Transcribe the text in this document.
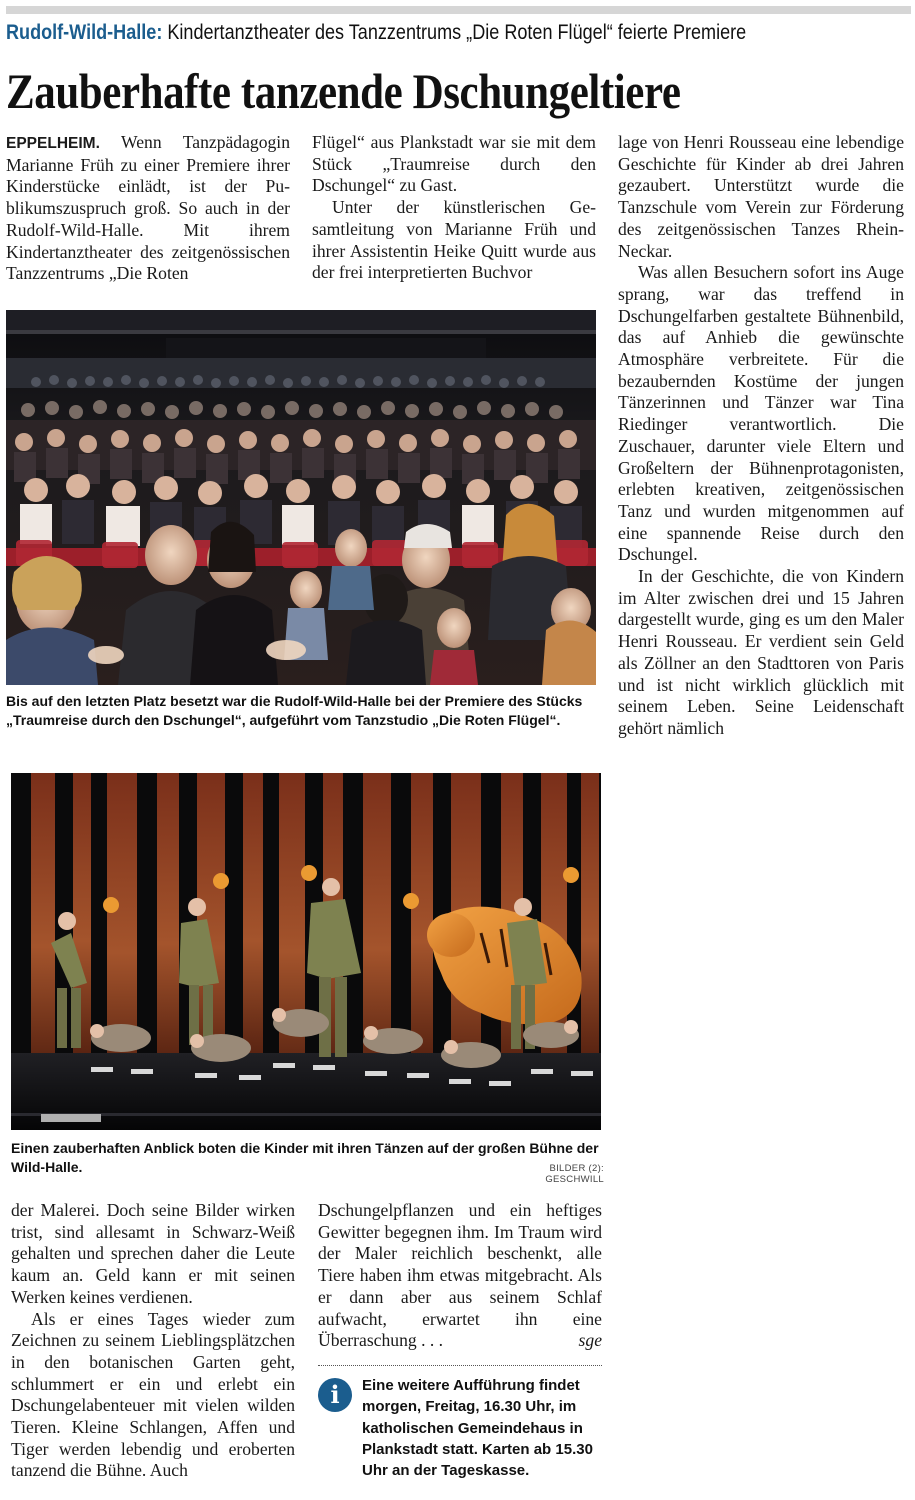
Rudolf-Wild-Halle: Kindertanztheater des Tanzzentrums „Die Roten Flügel“ feierte Premiere
Zauberhafte tanzende Dschungeltiere

EPPELHEIM. Wenn Tanzpädagogin Marianne Früh zu einer Premiere ihrer Kinderstücke einlädt, ist der Publikumszuspruch groß. So auch in der Rudolf-Wild-Halle. Mit ihrem Kindertanztheater des zeitgenössischen Tanzzentrums „Die Roten

Flügel“ aus Plankstadt war sie mit dem Stück „Traumreise durch den Dschungel“ zu Gast.

Unter der künstlerischen Gesamtleitung von Marianne Früh und ihrer Assistentin Heike Quitt wurde aus der frei interpretierten Buchvor

lage von Henri Rousseau eine lebendige Geschichte für Kinder ab drei Jahren gezaubert. Unterstützt wurde die Tanzschule vom Verein zur Förderung des zeitgenössischen Tanzes Rhein-Neckar.

Was allen Besuchern sofort ins Auge sprang, war das treffend in Dschungelfarben gestaltete Bühnenbild, das auf Anhieb die gewünschte Atmosphäre verbreitete. Für die bezaubernden Kostüme der jungen Tänzerinnen und Tänzer war Tina Riedinger verantwortlich. Die Zuschauer, darunter viele Eltern und Großeltern der Bühnenprotagonisten, erlebten kreativen, zeitgenössischen Tanz und wurden mitgenommen auf eine spannende Reise durch den Dschungel.

In der Geschichte, die von Kindern im Alter zwischen drei und 15 Jahren dargestellt wurde, ging es um den Maler Henri Rousseau. Er verdient sein Geld als Zöllner an den Stadttoren von Paris und ist nicht wirklich glücklich mit seinem Leben. Seine Leidenschaft gehört nämlich

Bis auf den letzten Platz besetzt war die Rudolf-Wild-Halle bei der Premiere des Stücks „Traumreise durch den Dschungel“, aufgeführt vom Tanzstudio „Die Roten Flügel“.
Einen zauberhaften Anblick boten die Kinder mit ihren Tänzen auf der großen Bühne der Wild-Halle.	BILDER (2): GESCHWILL

der Malerei. Doch seine Bilder wirken trist, sind allesamt in Schwarz-Weiß gehalten und sprechen daher die Leute kaum an. Geld kann er mit seinen Werken keines verdienen.

Als er eines Tages wieder zum Zeichnen zu seinem Lieblingsplätzchen in den botanischen Garten geht, schlummert er ein und erlebt ein Dschungelabenteuer mit vielen wilden Tieren. Kleine Schlangen, Affen und Tiger werden lebendig und eroberten tanzend die Bühne. Auch

Dschungelpflanzen und ein heftiges Gewitter begegnen ihm. Im Traum wird der Maler reichlich beschenkt, alle Tiere haben ihm etwas mitgebracht. Als er dann aber aus seinem Schlaf aufwacht, erwartet ihn eine Überraschung . . .	sge

i	Eine weitere Aufführung findet morgen, Freitag, 16.30 Uhr, im katholischen Gemeindehaus in Plankstadt statt. Karten ab 15.30 Uhr an der Tageskasse.
